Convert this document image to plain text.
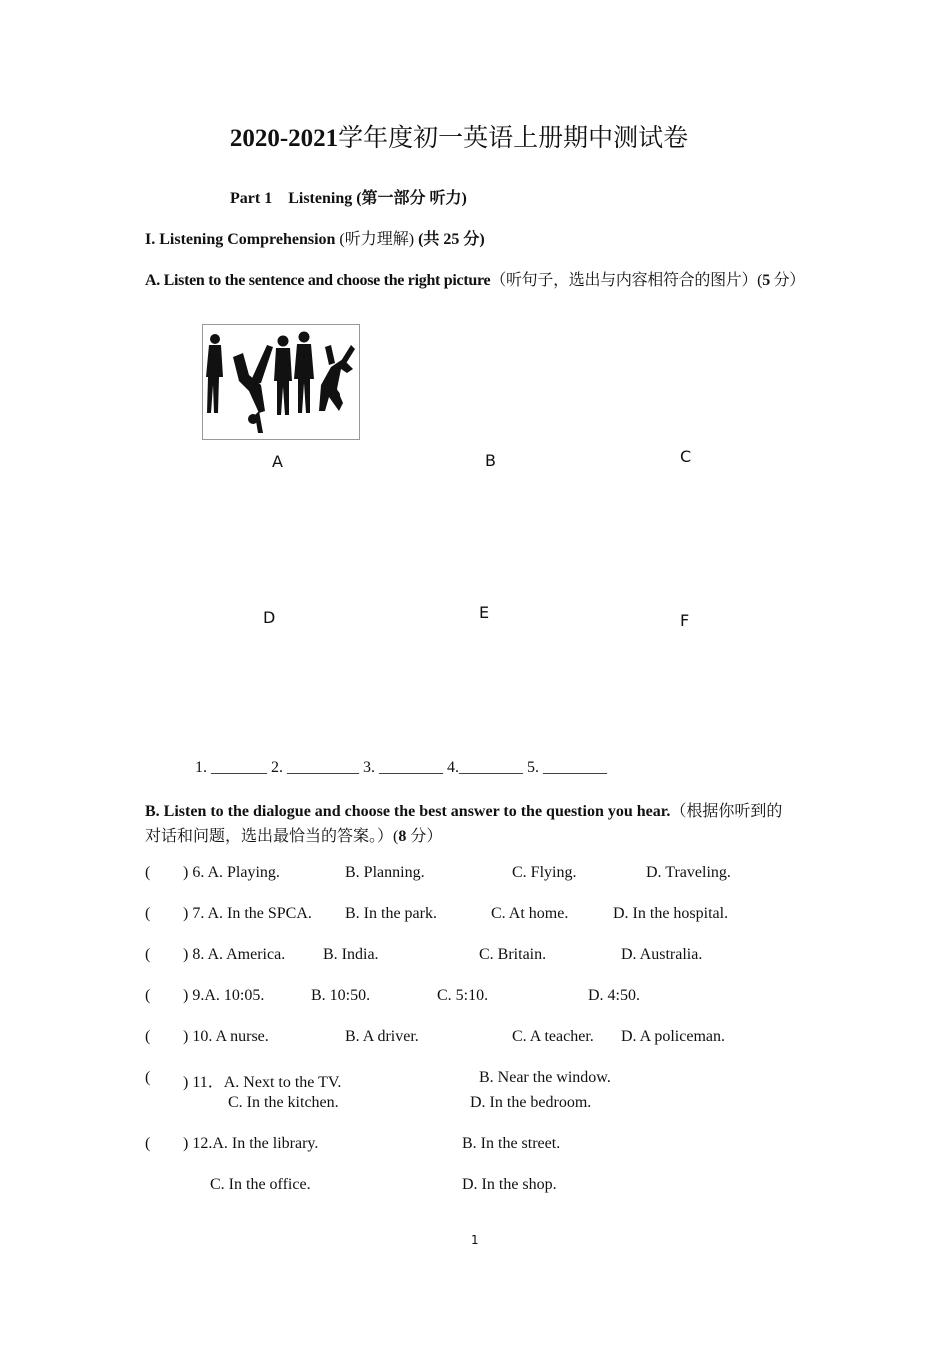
2020-2021学年度初一英语上册期中测试卷
Part 1 Listening (第一部分 听力)
I. Listening Comprehension (听力理解) (共 25 分)
A. Listen to the sentence and choose the right picture（听句子，选出与内容相符合的图片）(5 分）
A	B	C
D	E	F
1. _______ 2. _________ 3. ________ 4.________ 5. ________
B. Listen to the dialogue and choose the best answer to the question you hear.（根据你听到的
对话和问题，选出最恰当的答案。）(8 分）
( ) 6. A. Playing.	B. Planning.	C. Flying.	D. Traveling.
( ) 7. A. In the SPCA. B. In the park.	C. At home.	D. In the hospital.
( ) 8. A. America. B. India.	C. Britain.	D. Australia.
( ) 9.A. 10:05.	B. 10:50.	C. 5:10.	D. 4:50.
( ) 10. A nurse.	B. A driver.	C. A teacher. D. A policeman.
( ) 11．A. Next to the TV.	B. Near the window.
C. In the kitchen.	D. In the bedroom.
( ) 12.A. In the library.	B. In the street.
C. In the office.	D. In the shop.
1
